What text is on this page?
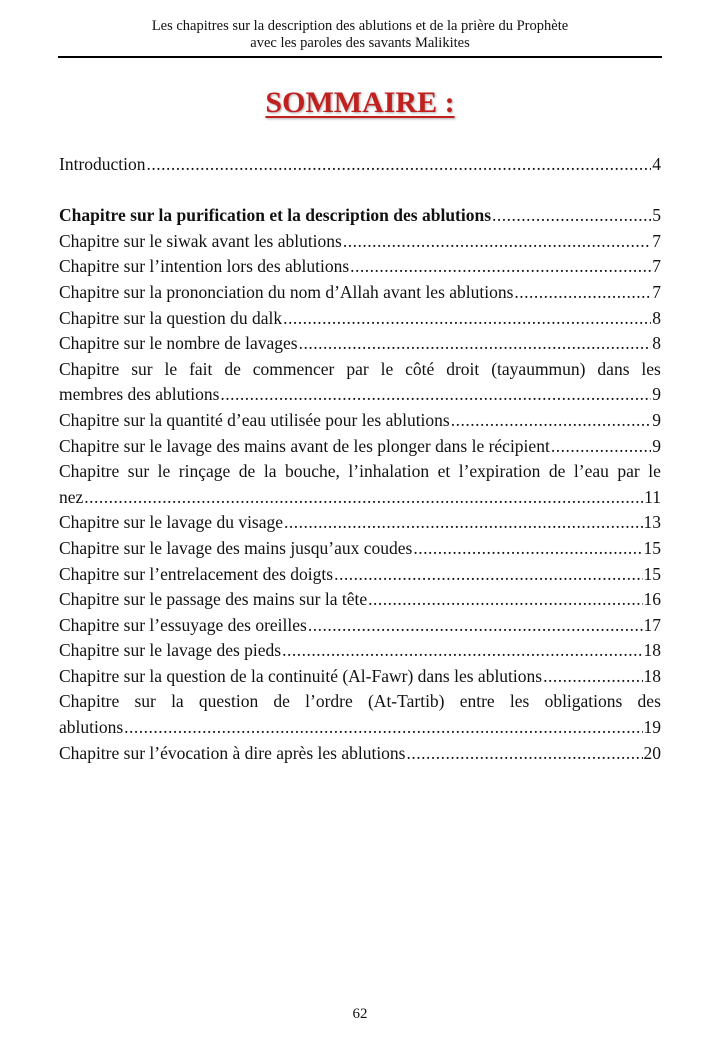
Les chapitres sur la description des ablutions et de la prière du Prophète
avec les paroles des savants Malikites
SOMMAIRE :
Introduction .....	4
Chapitre sur la purification et la description des ablutions .....	5
Chapitre sur le siwak avant les ablutions .....	7
Chapitre sur l’intention lors des ablutions .....	7
Chapitre sur la prononciation du nom d’Allah avant les ablutions .....	7
Chapitre sur la question du dalk .....	8
Chapitre sur le nombre de lavages .....	8
Chapitre sur le fait de commencer par le côté droit (tayaummun) dans les
membres des ablutions .....	9
Chapitre sur la quantité d’eau utilisée pour les ablutions .....	9
Chapitre sur le lavage des mains avant de les plonger dans le récipient .....	9
Chapitre sur le rinçage de la bouche, l’inhalation et l’expiration de l’eau par le
nez .....	11
Chapitre sur le lavage du visage .....	13
Chapitre sur le lavage des mains jusqu’aux coudes .....	15
Chapitre sur l’entrelacement des doigts .....	15
Chapitre sur le passage des mains sur la tête .....	16
Chapitre sur l’essuyage des oreilles .....	17
Chapitre sur le lavage des pieds .....	18
Chapitre sur la question de la continuité (Al-Fawr) dans les ablutions .....	18
Chapitre sur la question de l’ordre (At-Tartib) entre les obligations des
ablutions .....	19
Chapitre sur l’évocation à dire après les ablutions .....	20
62
